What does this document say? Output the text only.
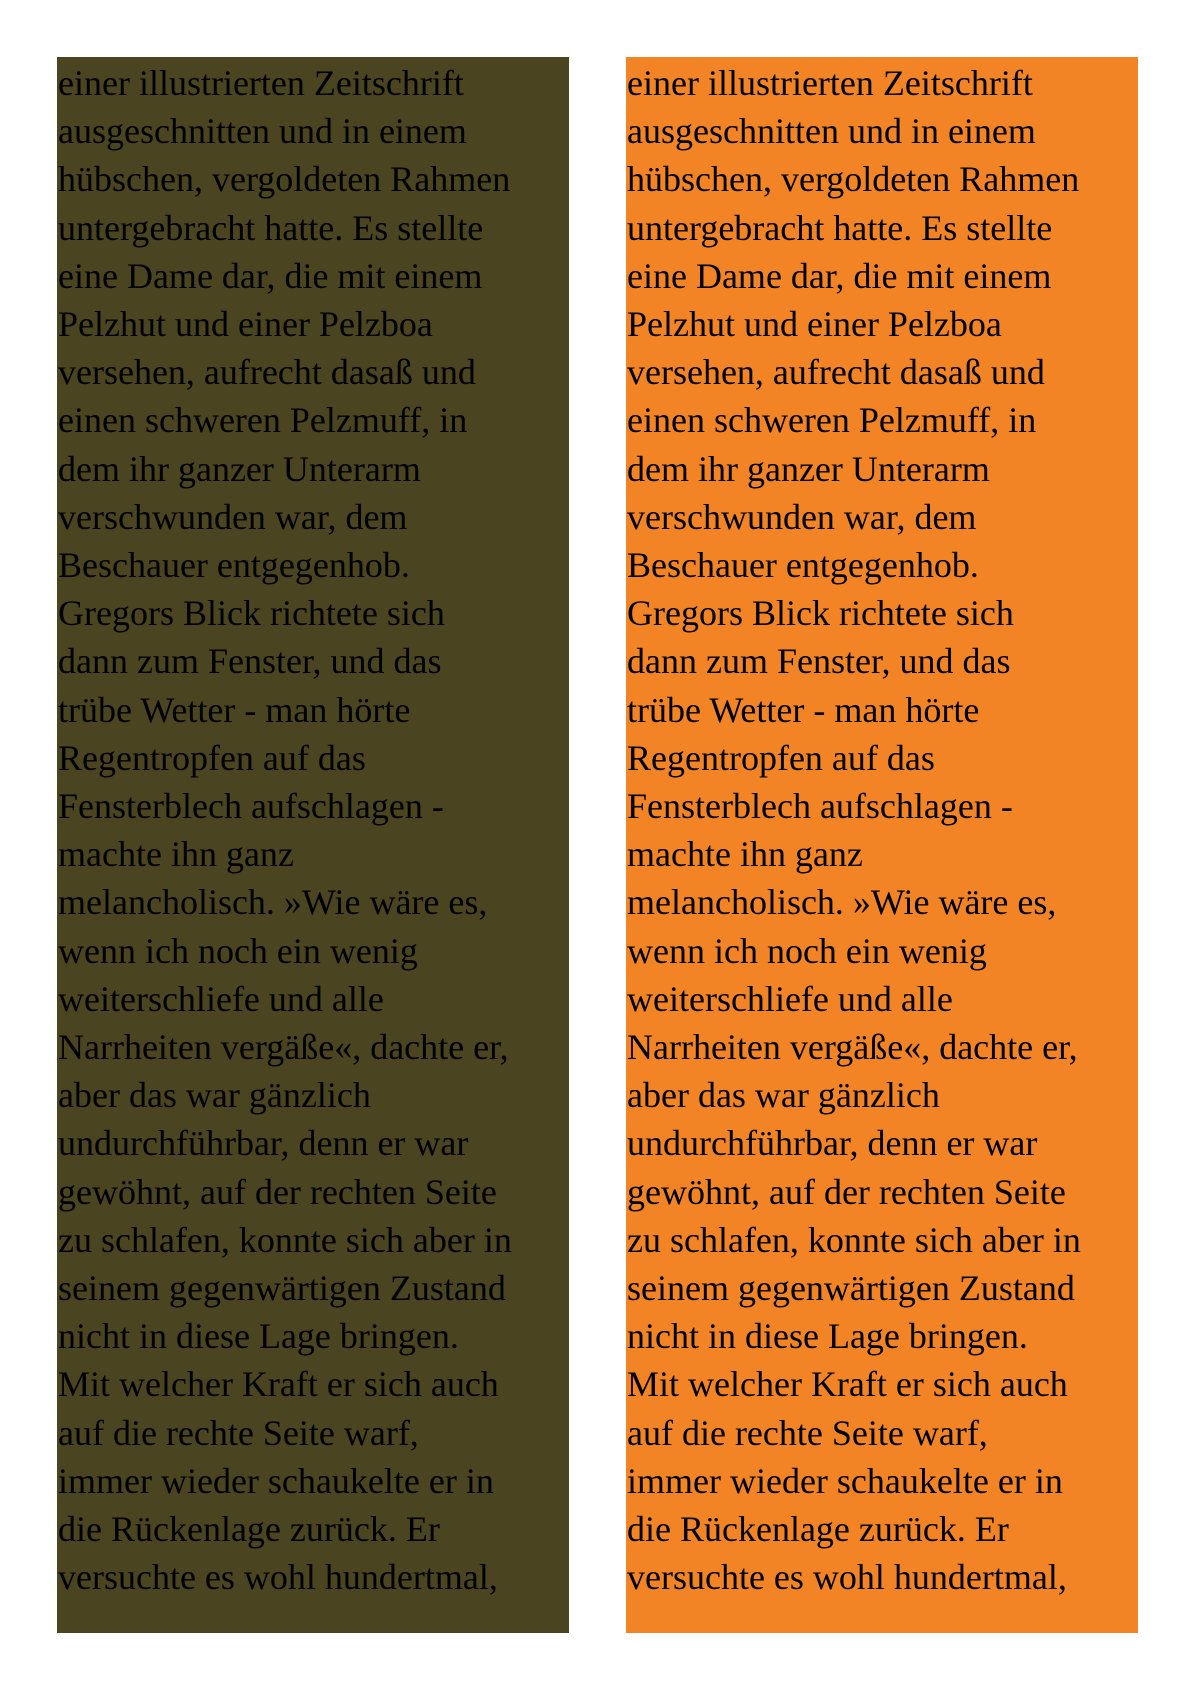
einer illustrierten Zeitschrift
ausgeschnitten und in einem
hübschen, vergoldeten Rahmen
untergebracht hatte. Es stellte
eine Dame dar, die mit einem
Pelzhut und einer Pelzboa
versehen, aufrecht dasaß und
einen schweren Pelzmuff, in
dem ihr ganzer Unterarm
verschwunden war, dem
Beschauer entgegenhob.
Gregors Blick richtete sich
dann zum Fenster, und das
trübe Wetter - man hörte
Regentropfen auf das
Fensterblech aufschlagen -
machte ihn ganz
melancholisch. »Wie wäre es,
wenn ich noch ein wenig
weiterschliefe und alle
Narrheiten vergäße«, dachte er,
aber das war gänzlich
undurchführbar, denn er war
gewöhnt, auf der rechten Seite
zu schlafen, konnte sich aber in
seinem gegenwärtigen Zustand
nicht in diese Lage bringen.
Mit welcher Kraft er sich auch
auf die rechte Seite warf,
immer wieder schaukelte er in
die Rückenlage zurück. Er
versuchte es wohl hundertmal,
einer illustrierten Zeitschrift
ausgeschnitten und in einem
hübschen, vergoldeten Rahmen
untergebracht hatte. Es stellte
eine Dame dar, die mit einem
Pelzhut und einer Pelzboa
versehen, aufrecht dasaß und
einen schweren Pelzmuff, in
dem ihr ganzer Unterarm
verschwunden war, dem
Beschauer entgegenhob.
Gregors Blick richtete sich
dann zum Fenster, und das
trübe Wetter - man hörte
Regentropfen auf das
Fensterblech aufschlagen -
machte ihn ganz
melancholisch. »Wie wäre es,
wenn ich noch ein wenig
weiterschliefe und alle
Narrheiten vergäße«, dachte er,
aber das war gänzlich
undurchführbar, denn er war
gewöhnt, auf der rechten Seite
zu schlafen, konnte sich aber in
seinem gegenwärtigen Zustand
nicht in diese Lage bringen.
Mit welcher Kraft er sich auch
auf die rechte Seite warf,
immer wieder schaukelte er in
die Rückenlage zurück. Er
versuchte es wohl hundertmal,
